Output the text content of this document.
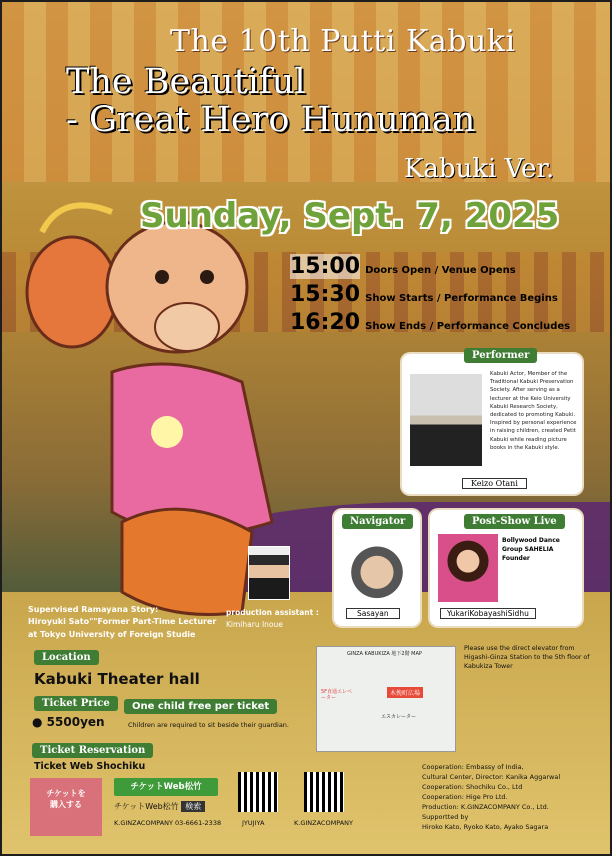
The 10th Putti Kabuki
The Beautiful
- Great Hero Hunuman
Kabuki Ver.
Sunday, Sept. 7, 2025
15:00 Doors Open / Venue Opens
15:30 Show Starts / Performance Begins
16:20 Show Ends / Performance Concludes
Performer
Kabuki Actor, Member of the Traditional Kabuki Preservation Society. After serving as a lecturer at the Keio University Kabuki Research Society, dedicated to promoting Kabuki. Inspired by personal experience in raising children, created Petit Kabuki while reading picture books in the Kabuki style.
Keizo Otani
Navigator
Sasayan
Post-Show Live
Bollywood Dance Group SAHELIA Founder
YukariKobayashiSidhu
production assistant :
Kimiharu Inoue
Supervised Ramayana Story:
Hiroyuki Sato""Former Part-Time Lecturer
at Tokyo University of Foreign Studie
Location
Kabuki Theater hall
Ticket Price
● 5500yen
One child free per ticket
Children are required to sit beside their guardian.
Ticket Reservation
Ticket Web Shochiku
チケットを
購入する
チケットWeb松竹
チケットWeb松竹 検索
K.GINZACOMPANY 03-6661-2338	JYUJIYA	K.GINZACOMPANY
GINZA KABUKIZA 地下2階 MAP
木挽町広場
5F直通エレベーター
エスカレーター
Please use the direct elevator from Higashi-Ginza Station to the 5th floor of Kabukiza Tower
Cooperation: Embassy of India,
Cultural Center, Director: Kanika Aggarwal
Cooperation: Shochiku Co., Ltd
Cooperation: Hige Pro Ltd.
Production: K.GINZACOMPANY Co., Ltd.
Supportted by
Hiroko Kato, Ryoko Kato, Ayako Sagara
